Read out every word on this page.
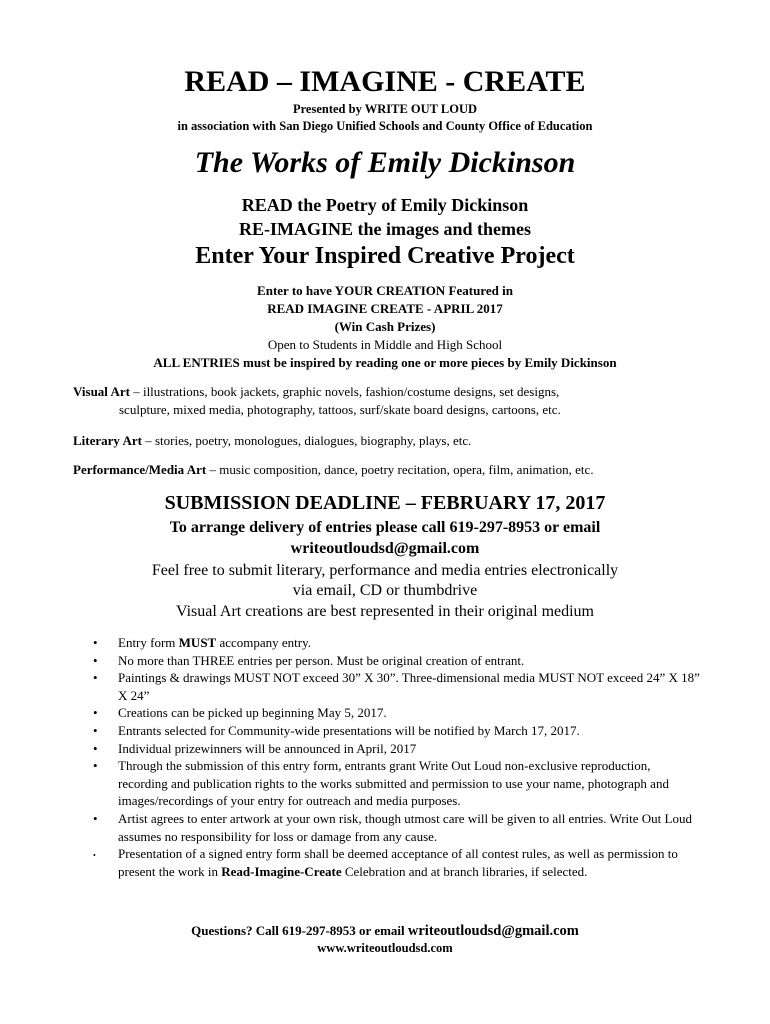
READ – IMAGINE - CREATE
Presented by WRITE OUT LOUD
in association with San Diego Unified Schools and County Office of Education
The Works of Emily Dickinson
READ the Poetry of Emily Dickinson
RE-IMAGINE the images and themes
Enter Your Inspired Creative Project
Enter to have YOUR CREATION Featured in
READ IMAGINE CREATE - APRIL 2017
(Win Cash Prizes)
Open to Students in Middle and High School
ALL ENTRIES must be inspired by reading one or more pieces by Emily Dickinson
Visual Art – illustrations, book jackets, graphic novels, fashion/costume designs, set designs,
sculpture, mixed media, photography, tattoos, surf/skate board designs, cartoons, etc.
Literary Art – stories, poetry, monologues, dialogues, biography, plays, etc.
Performance/Media Art – music composition, dance, poetry recitation, opera, film, animation, etc.
SUBMISSION DEADLINE – FEBRUARY 17, 2017
To arrange delivery of entries please call 619-297-8953 or email
writeoutloudsd@gmail.com
Feel free to submit literary, performance and media entries electronically
via email, CD or thumbdrive
Visual Art creations are best represented in their original medium
•	Entry form MUST accompany entry.
•	No more than THREE entries per person. Must be original creation of entrant.
•	Paintings & drawings MUST NOT exceed 30” X 30”. Three-dimensional media MUST NOT exceed 24” X 18” X 24”
•	Creations can be picked up beginning May 5, 2017.
•	Entrants selected for Community-wide presentations will be notified by March 17, 2017.
•	Individual prizewinners will be announced in April, 2017
•	Through the submission of this entry form, entrants grant Write Out Loud non-exclusive reproduction, recording and publication rights to the works submitted and permission to use your name, photograph and images/recordings of your entry for outreach and media purposes.
•	Artist agrees to enter artwork at your own risk, though utmost care will be given to all entries. Write Out Loud assumes no responsibility for loss or damage from any cause.
•	Presentation of a signed entry form shall be deemed acceptance of all contest rules, as well as permission to present the work in Read-Imagine-Create Celebration and at branch libraries, if selected.
Questions? Call 619-297-8953 or email writeoutloudsd@gmail.com
www.writeoutloudsd.com
